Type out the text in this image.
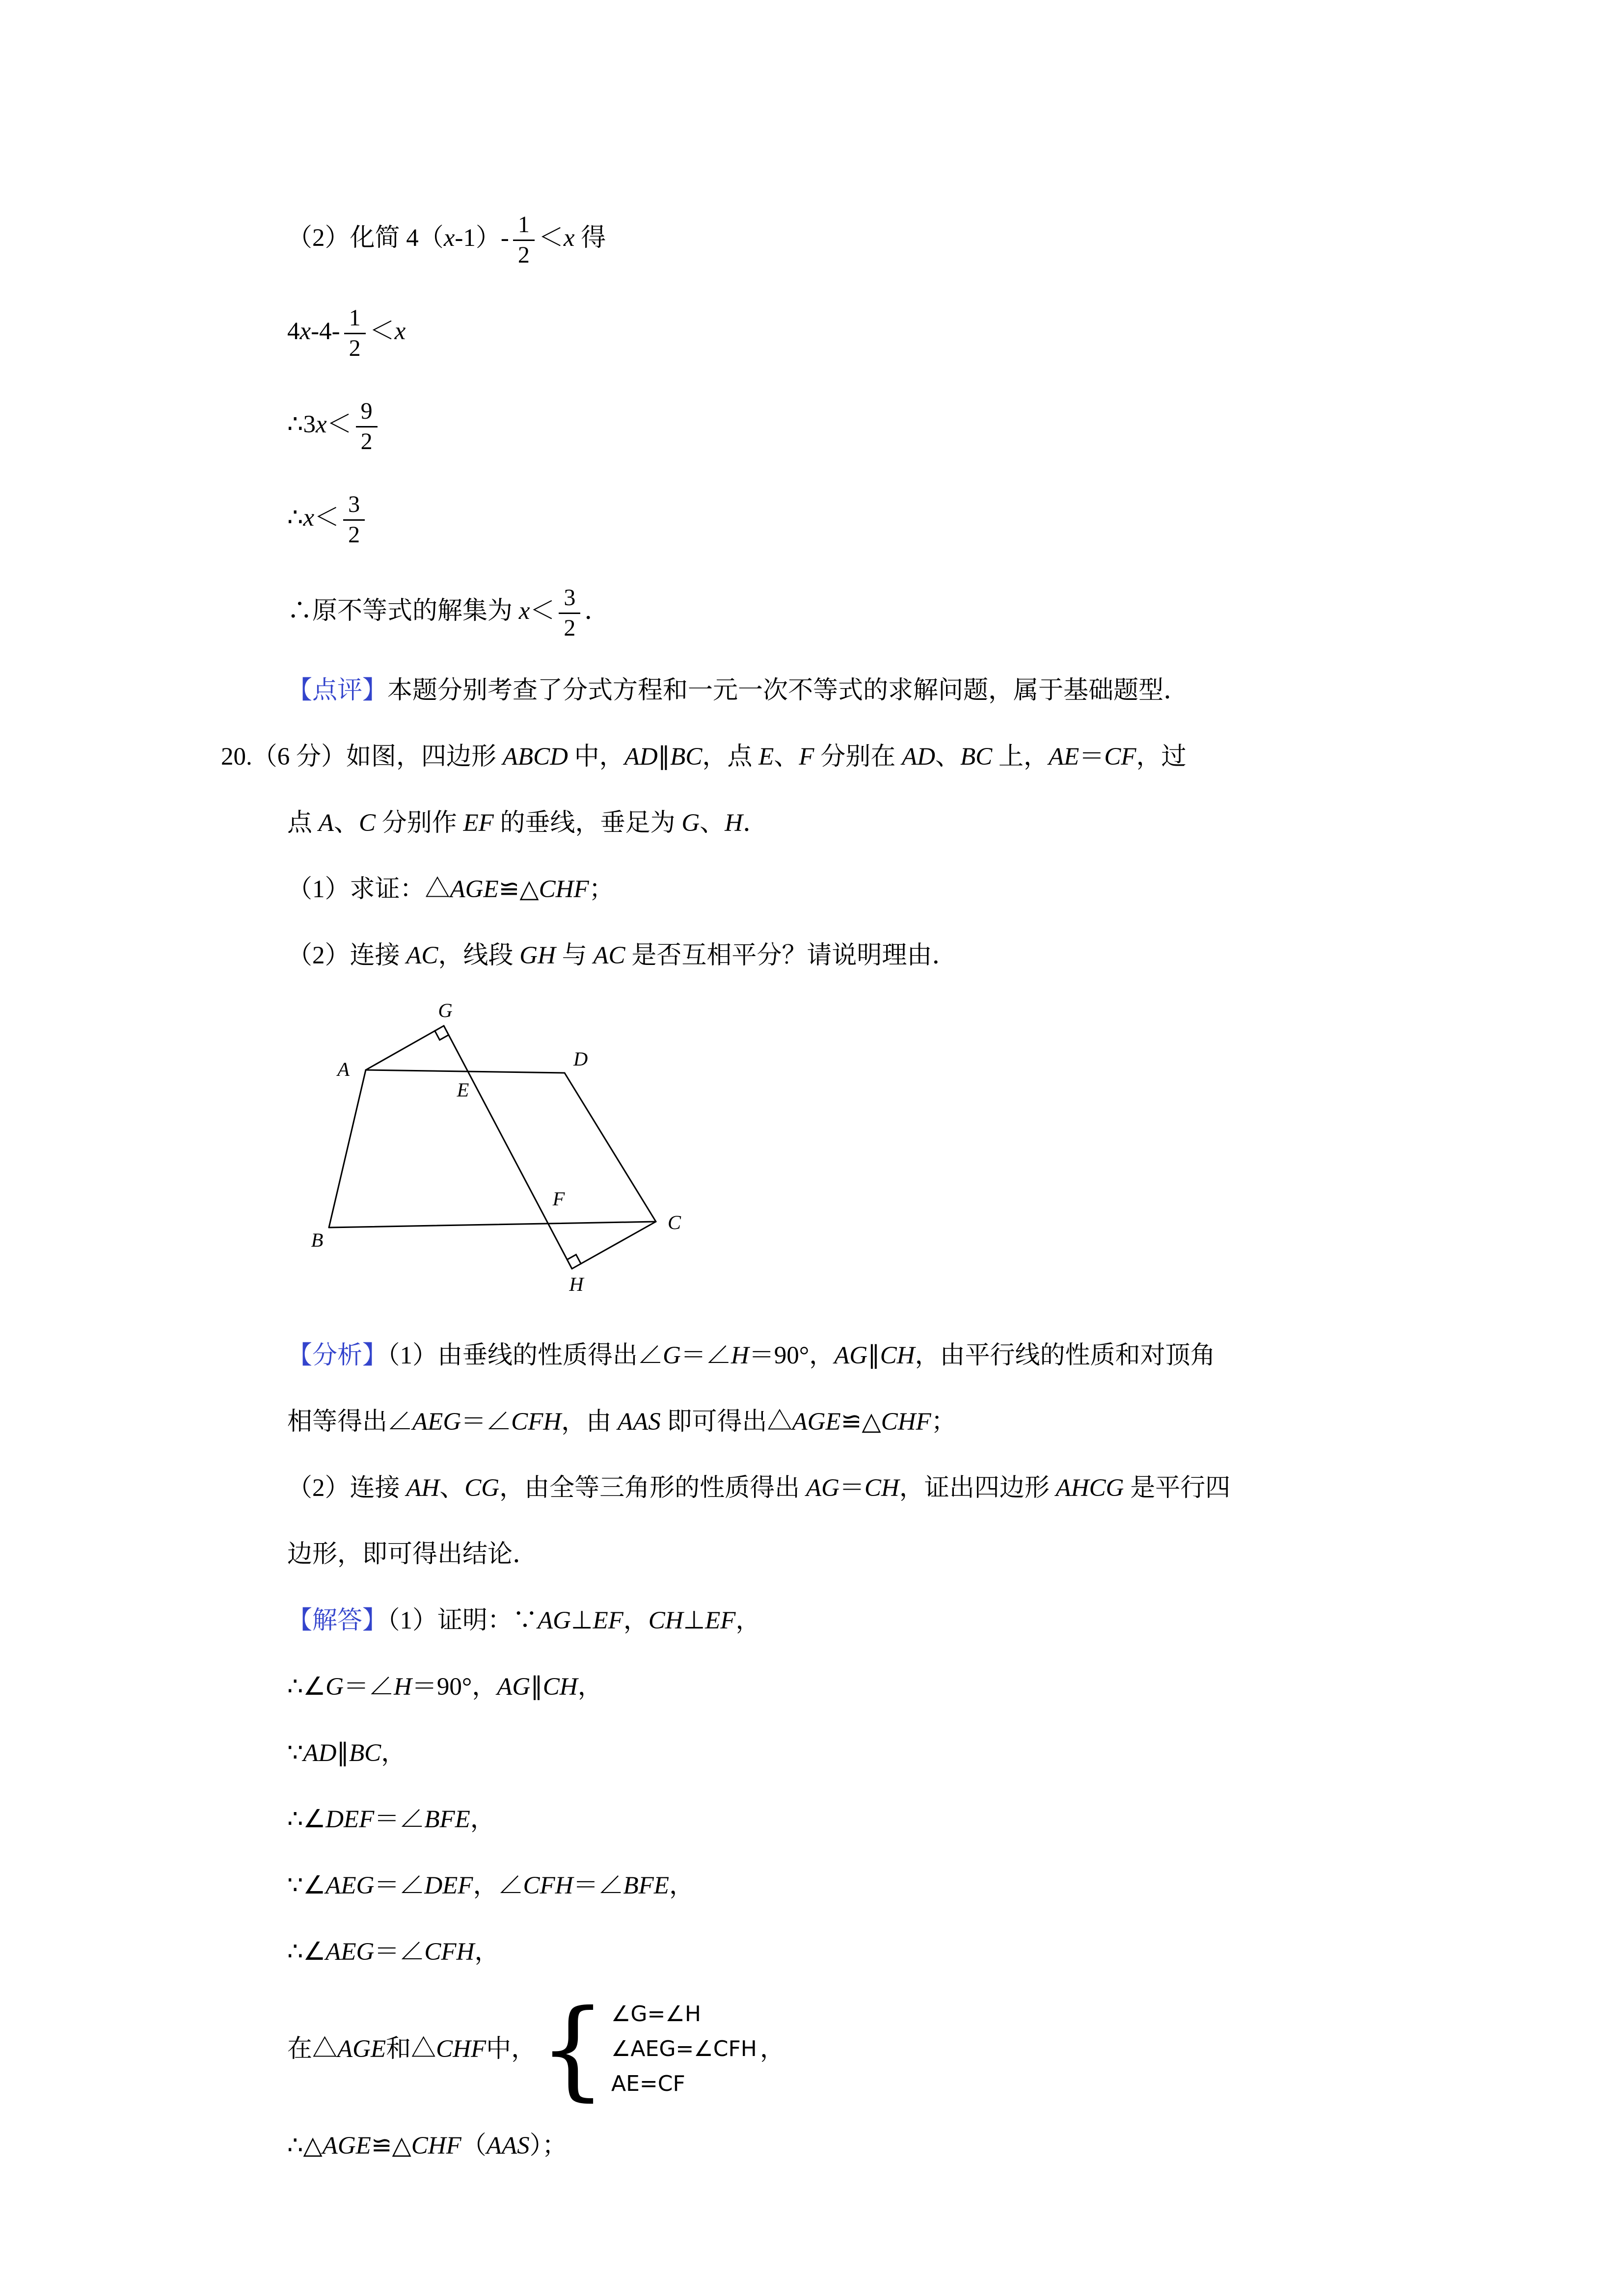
（2）化简 $4(x-1)- \frac{1}{2} <x$ 得

$4x-4- \frac{1}{2} <x$

∴3x＜ $\frac{9}{2}$

∴x＜ $\frac{3}{2}$

∴原不等式的解集为 $x< \frac{3}{2}$ ．

【点评】本题分别考查了分式方程和一元一次不等式的求解问题，属于基础题型．

20.（6 分）如图，四边形 ABCD 中，AD∥BC，点 E、F 分别在 AD、BC 上，AE＝CF，过

点 A、C 分别作 EF 的垂线，垂足为 G、H．

（1）求证：△AGE≌△CHF；

（2）连接 AC，线段 GH 与 AC 是否互相平分？请说明理由．

G
A	D
E
B
F
C
H

【分析】（1）由垂线的性质得出∠G＝∠H＝90°，AG∥CH，由平行线的性质和对顶角

相等得出∠AEG＝∠CFH，由 AAS 即可得出△AGE≌△CHF；

（2）连接 AH、CG，由全等三角形的性质得出 AG＝CH，证出四边形 AHCG 是平行四

边形，即可得出结论．

【解答】（1）证明：∵AG⊥EF，CH⊥EF，

∴∠G＝∠H＝90°，AG∥CH，

∵AD∥BC，

∴∠DEF＝∠BFE，

∵∠AEG＝∠DEF，∠CFH＝∠BFE，

∴∠AEG＝∠CFH，

在△ AGE 和△ CHF 中， { ∠G=∠H
∠AEG=∠CFH
AE=CF
，

∴△AGE≌△CHF（AAS）；
